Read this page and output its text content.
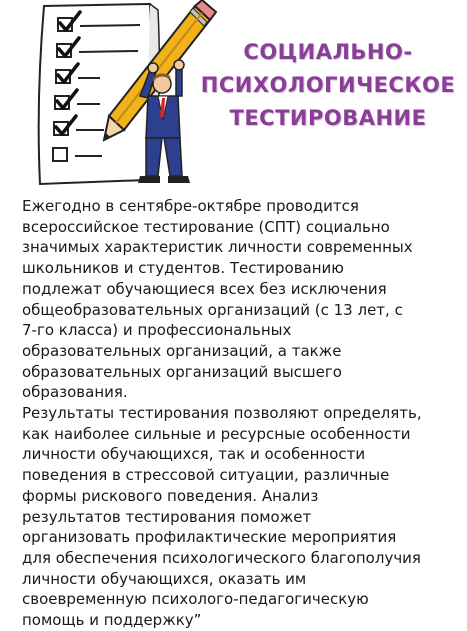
СОЦИАЛЬНО-
ПСИХОЛОГИЧЕСКОЕ
ТЕСТИРОВАНИЕ
Ежегодно в сентябре-октябре проводится
всероссийское тестирование (СПТ) социально
значимых характеристик личности современных
школьников и студентов. Тестированию
подлежат обучающиеся всех без исключения
общеобразовательных организаций (с 13 лет, с
7-го класса) и профессиональных
образовательных организаций, а также
образовательных организаций высшего
образования.
Результаты тестирования позволяют определять,
как наиболее сильные и ресурсные особенности
личности обучающихся, так и особенности
поведения в стрессовой ситуации, различные
формы рискового поведения. Анализ
результатов тестирования поможет
организовать профилактические мероприятия
для обеспечения психологического благополучия
личности обучающихся, оказать им
своевременную психолого-педагогическую
помощь и поддержку”
